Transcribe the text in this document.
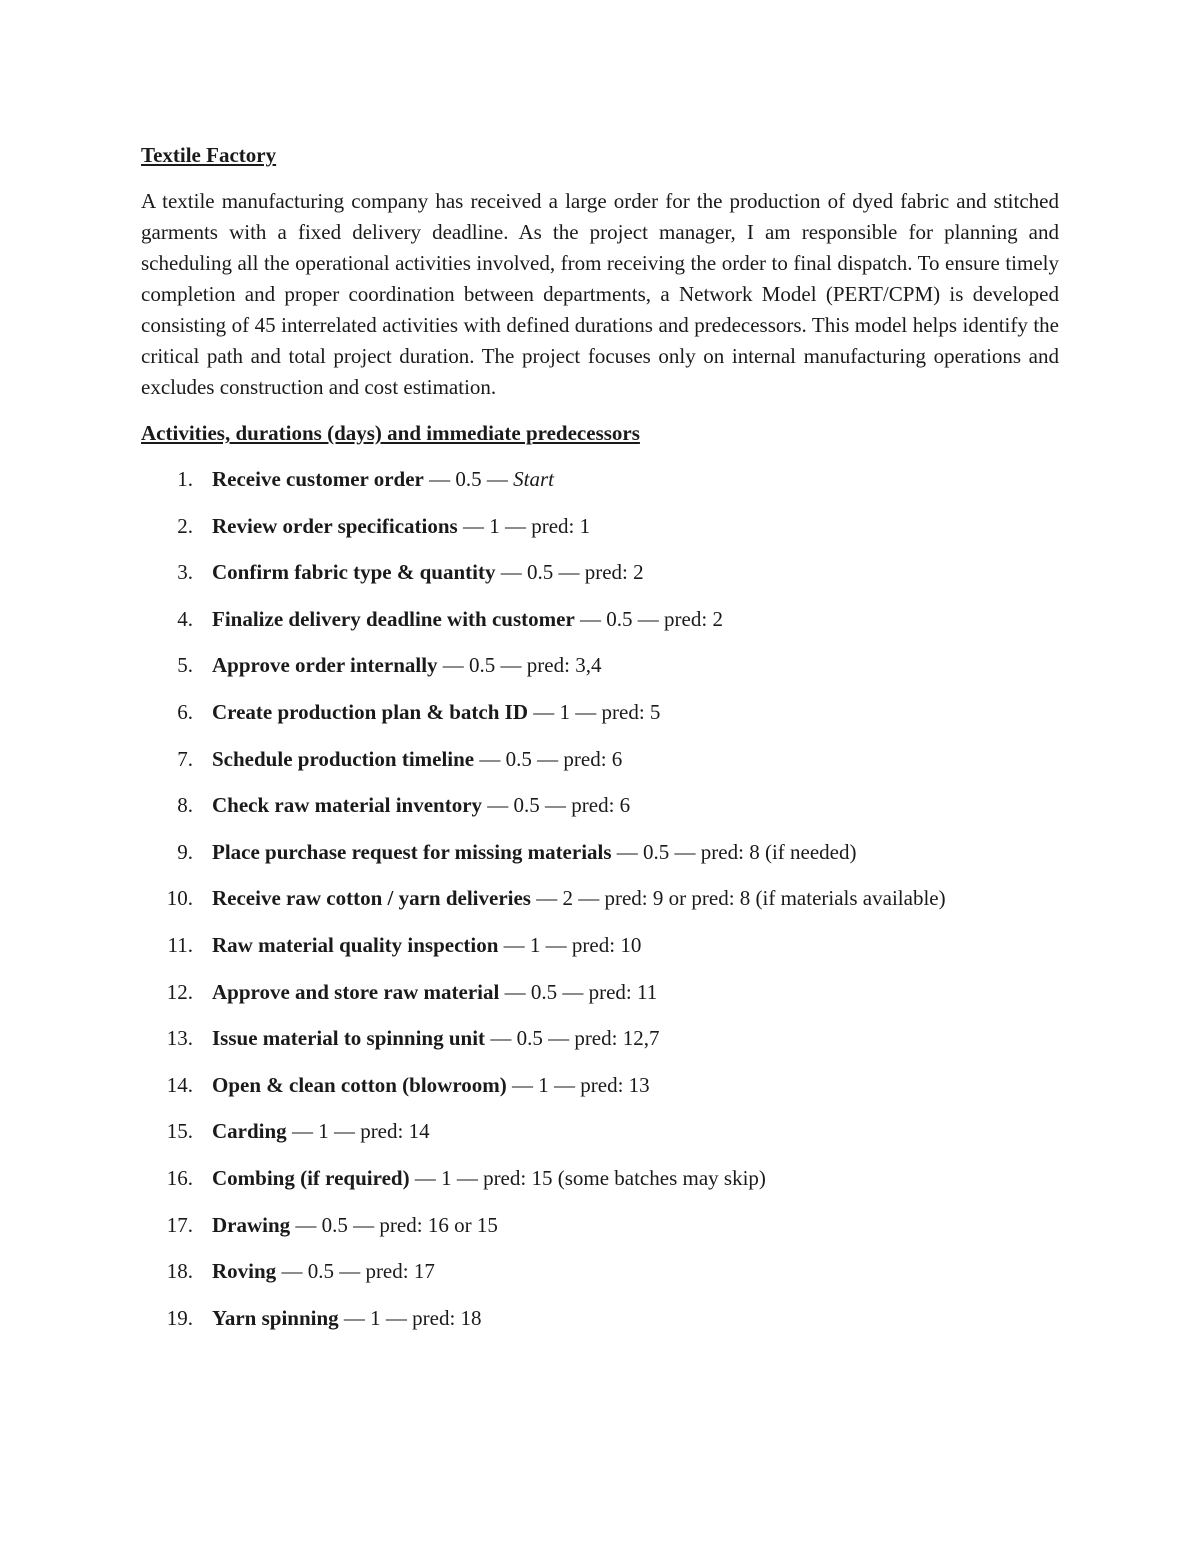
Textile Factory

A textile manufacturing company has received a large order for the production of dyed fabric and stitched garments with a fixed delivery deadline. As the project manager, I am responsible for planning and scheduling all the operational activities involved, from receiving the order to final dispatch. To ensure timely completion and proper coordination between departments, a Network Model (PERT/CPM) is developed consisting of 45 interrelated activities with defined durations and predecessors. This model helps identify the critical path and total project duration. The project focuses only on internal manufacturing operations and excludes construction and cost estimation.

Activities, durations (days) and immediate predecessors
1. Receive customer order — 0.5 — Start
2. Review order specifications — 1 — pred: 1
3. Confirm fabric type & quantity — 0.5 — pred: 2
4. Finalize delivery deadline with customer — 0.5 — pred: 2
5. Approve order internally — 0.5 — pred: 3,4
6. Create production plan & batch ID — 1 — pred: 5
7. Schedule production timeline — 0.5 — pred: 6
8. Check raw material inventory — 0.5 — pred: 6
9. Place purchase request for missing materials — 0.5 — pred: 8 (if needed)
10. Receive raw cotton / yarn deliveries — 2 — pred: 9 or pred: 8 (if materials available)
11. Raw material quality inspection — 1 — pred: 10
12. Approve and store raw material — 0.5 — pred: 11
13. Issue material to spinning unit — 0.5 — pred: 12,7
14. Open & clean cotton (blowroom) — 1 — pred: 13
15. Carding — 1 — pred: 14
16. Combing (if required) — 1 — pred: 15 (some batches may skip)
17. Drawing — 0.5 — pred: 16 or 15
18. Roving — 0.5 — pred: 17
19. Yarn spinning — 1 — pred: 18
